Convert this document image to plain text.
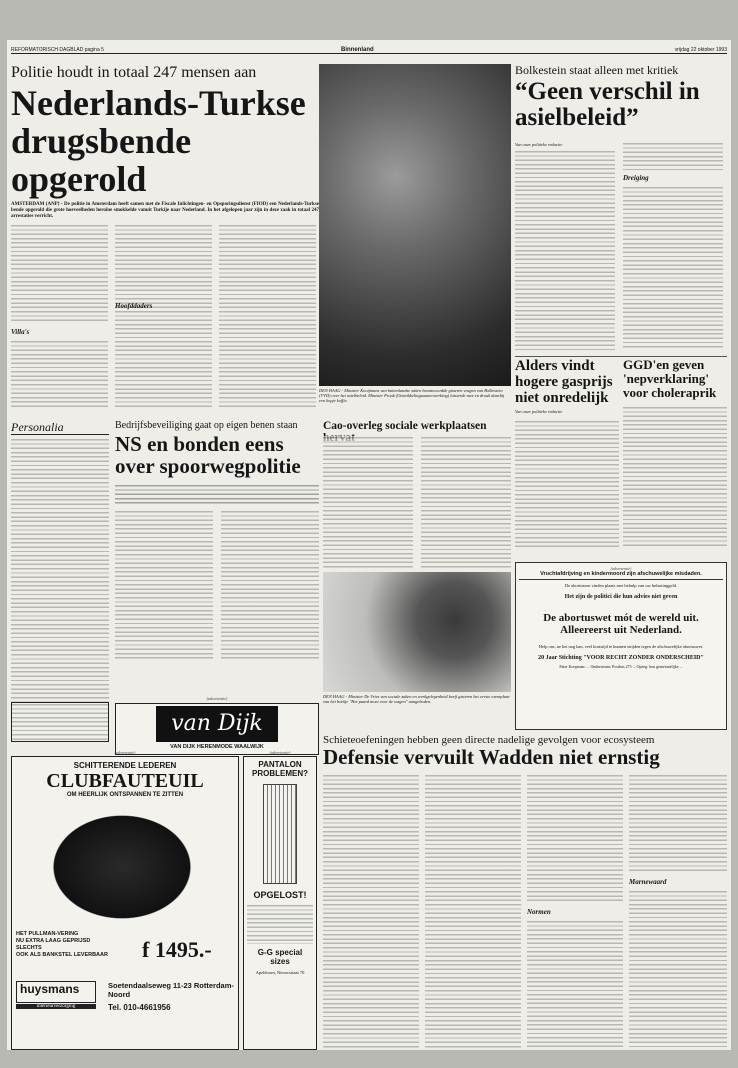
REFORMATORISCH DAGBLAD pagina 5	Binnenland	vrijdag 22 oktober 1993
Politie houdt in totaal 247 mensen aan
Nederlands-Turkse
drugsbende opgerold
AMSTERDAM (ANP) - De politie in Amsterdam heeft samen met de Fiscale Inlichtingen- en Opsporingsdienst (FIOD) een Nederlands-Turkse bende opgerold die grote hoeveelheden heroïne smokkelde vanuit Turkije naar Nederland. In het afgelopen jaar zijn in deze zaak in totaal 247 arrestaties verricht.
Villa's
Hoofddaders
DEN HAAG - Minister Kooijmans van buitenlandse zaken beantwoordde gisteren vragen van Bolkestein (VVD) over het asielbeleid. Minister Pronk (Ontwikkelingssamenwerking) luisterde mee en drонk daarbij een kopje koffie.
Bolkestein staat alleen met kritiek
“Geen verschil in asielbeleid”
Van onze politieke redactie
Dreiging
Alders vindt hogere gasprijs niet onredelijk
Van onze politieke redactie
GGD'en geven 'nepverklaring' voor choleraprik
Personalia	Bedrijfsbeveiliging gaat op eigen benen staan
NS en bonden eens over spoorwegpolitie
Cao-overleg sociale werkplaatsen
DEN HAAG - Minister De Vries van sociale zaken en werkgelegenheid heeft gisteren het eerste exemplaar van het boekje "Het paard moet voor de wagen" aangeboden.
(advertentie)
Vruchtafdrijving en kindermoord zijn afschuwelijke misdaden.
De abortussen vinden plaats met behulp van uw belastinggeld.
Het zijn de politici die hun advies niet geven
De abortuswet mót de wereld uit.
Alleereerst uit Nederland.
Help ons, ne het nog kan, veel kruistijd te kunnen strijden tegen de afschuwelijke abortuswet.
20 Jaar Stichting "VOOR RECHT ZONDER ONDERSCHEID"
Pater Koopman: ... Ondersteunt: Postbus 275 ... Opzeg: bon gemeentelijke ...
(advertentie)
van Dijk
VAN DIJK HERENMODE WAALWIJK
(advertentie)
SCHITTERENDE LEDEREN
CLUBFAUTEUIL
OM HEERLIJK ONTSPANNEN TE ZITTEN
HET PULLMAN-VERING
NU EXTRA LAAG GEPRIJSD
SLECHTS
OOK ALS BANKSTEL LEVERBAAR	f 1495.-
huysmans
interieurverzorging
Soetendaalseweg 11-23 Rotterdam-Noord
Tel. 010-4661956
(advertentie)
PANTALON PROBLEMEN?
OPGELOST!
G-G special sizes
Apeldoorn, Nieuwstraat 70
Schieteoefeningen hebben geen directe nadelige gevolgen voor ecosysteem
Defensie vervuilt Wadden niet ernstig
Normen
Marnewaard
